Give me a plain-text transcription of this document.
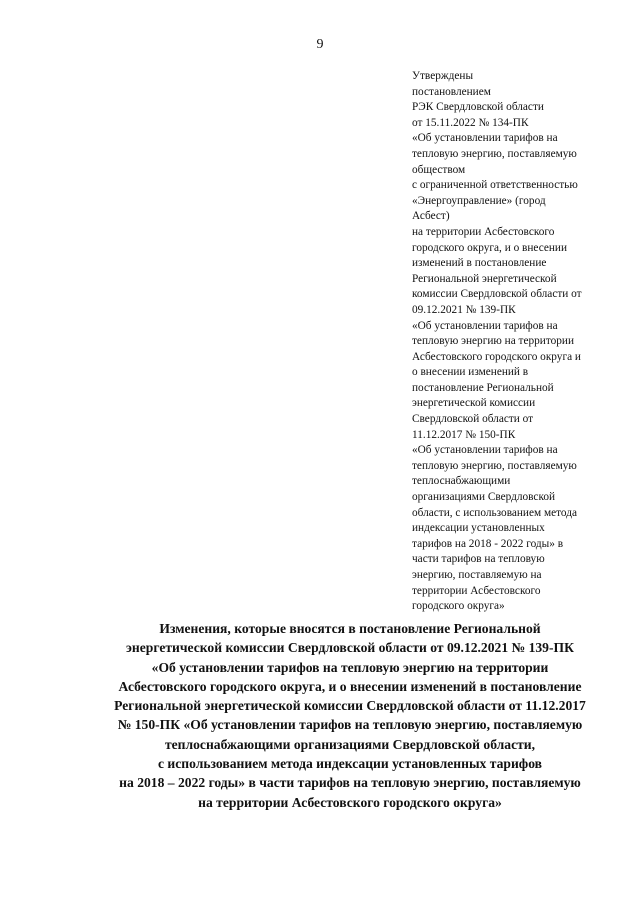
9
Утверждены
постановлением
РЭК Свердловской области
от 15.11.2022 № 134-ПК
«Об установлении тарифов на
тепловую энергию, поставляемую
обществом
с ограниченной ответственностью
«Энергоуправление» (город
Асбест)
на территории Асбестовского
городского округа, и о внесении
изменений в постановление
Региональной энергетической
комиссии Свердловской области от
09.12.2021 № 139-ПК
«Об установлении тарифов на
тепловую энергию на территории
Асбестовского городского округа и
о внесении изменений в
постановление Региональной
энергетической комиссии
Свердловской области от
11.12.2017 № 150-ПК
«Об установлении тарифов на
тепловую энергию, поставляемую
теплоснабжающими
организациями Свердловской
области, с использованием метода
индексации установленных
тарифов на 2018 - 2022 годы» в
части тарифов на тепловую
энергию, поставляемую на
территории Асбестовского
городского округа»
Изменения, которые вносятся в постановление Региональной
энергетической комиссии Свердловской области от 09.12.2021 № 139-ПК
«Об установлении тарифов на тепловую энергию на территории
Асбестовского городского округа, и о внесении изменений в постановление
Региональной энергетической комиссии Свердловской области от 11.12.2017
№ 150-ПК «Об установлении тарифов на тепловую энергию, поставляемую
теплоснабжающими организациями Свердловской области,
с использованием метода индексации установленных тарифов
на 2018 – 2022 годы» в части тарифов на тепловую энергию, поставляемую
на территории Асбестовского городского округа»
